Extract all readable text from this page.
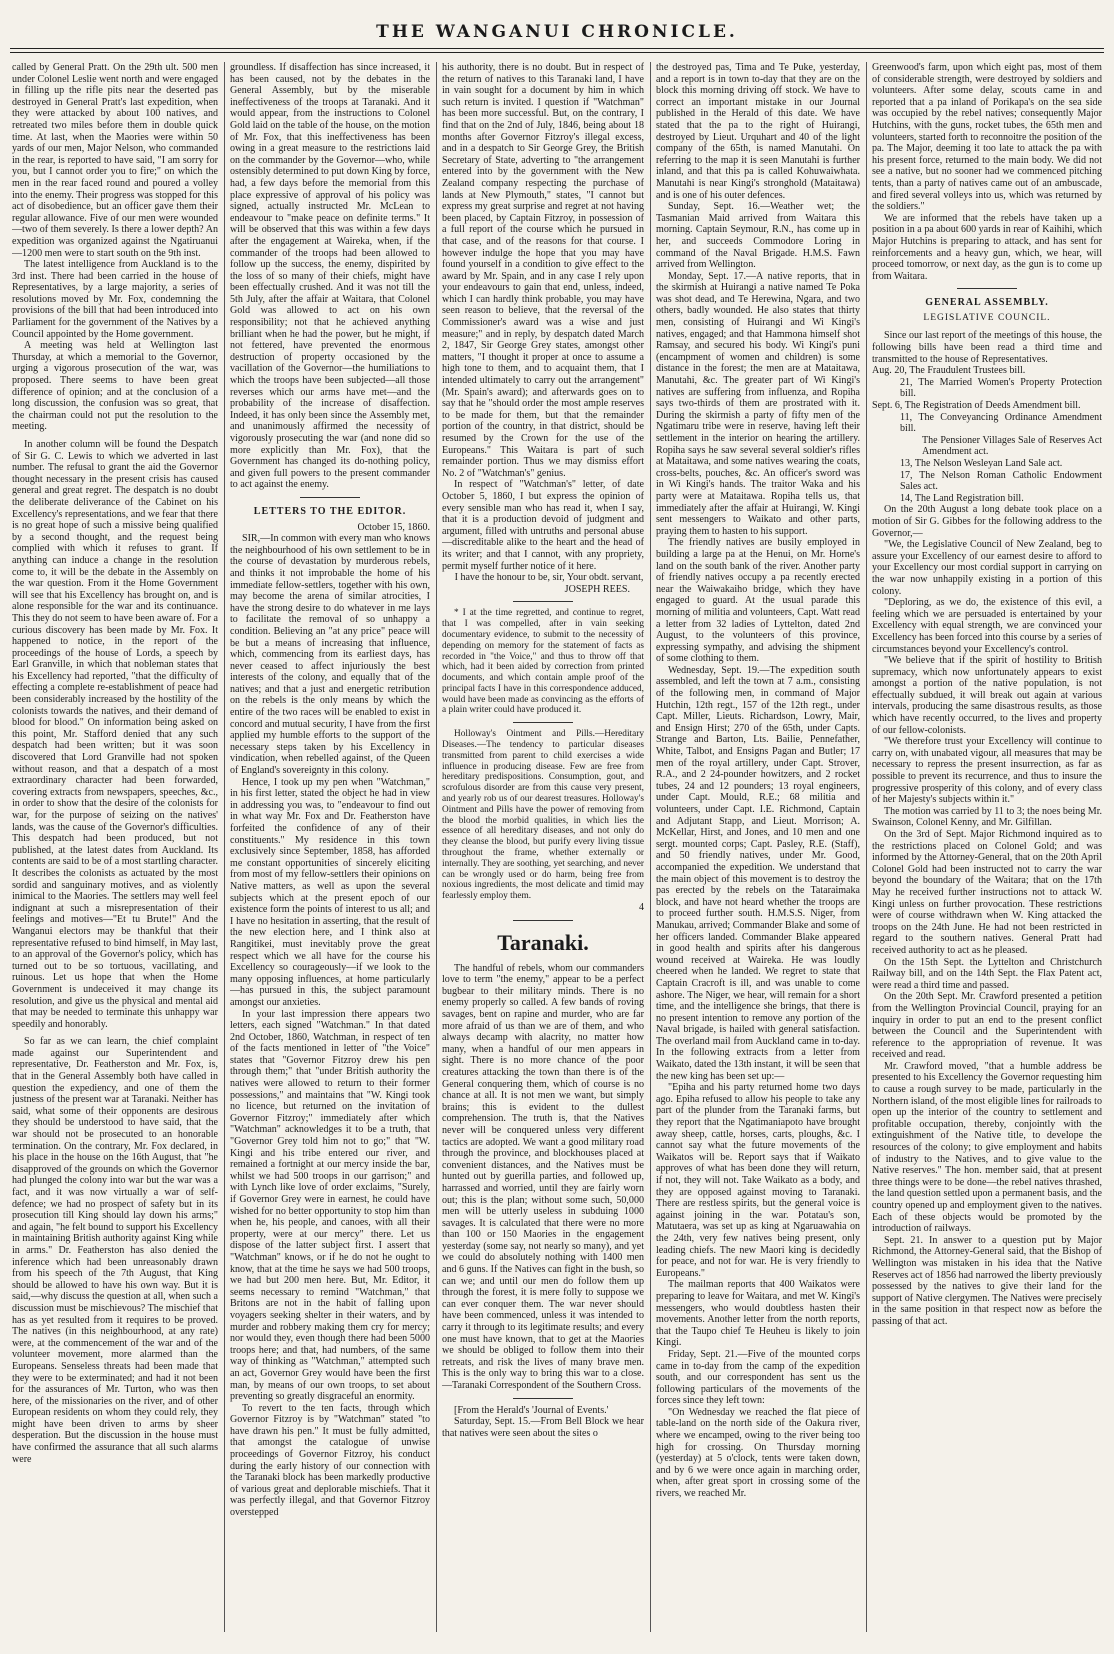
THE WANGANUI CHRONICLE.

called by General Pratt. On the 29th ult. 500 men under Colonel Leslie went north and were engaged in filling up the rifle pits near the deserted pas destroyed in General Pratt's last expedition, when they were attacked by about 100 natives, and retreated two miles before them in double quick time. At last, when the Maories were within 50 yards of our men, Major Nelson, who commanded in the rear, is reported to have said, "I am sorry for you, but I cannot order you to fire;" on which the men in the rear faced round and poured a volley into the enemy. Their progress was stopped for this act of disobedience, but an officer gave them their regular allowance. Five of our men were wounded—two of them severely. Is there a lower depth? An expedition was organized against the Ngatiruanui—1200 men were to start south on the 9th inst.

The latest intelligence from Auckland is to the 3rd inst. There had been carried in the house of Representatives, by a large majority, a series of resolutions moved by Mr. Fox, condemning the provisions of the bill that had been introduced into Parliament for the government of the Natives by a Council appointed by the Home government.

A meeting was held at Wellington last Thursday, at which a memorial to the Governor, urging a vigorous prosecution of the war, was proposed. There seems to have been great difference of opinion; and at the conclusion of a long discussion, the confusion was so great, that the chairman could not put the resolution to the meeting.

In another column will be found the Despatch of Sir G. C. Lewis to which we adverted in last number. The refusal to grant the aid the Governor thought necessary in the present crisis has caused general and great regret. The despatch is no doubt the deliberate deliverance of the Cabinet on his Excellency's representations, and we fear that there is no great hope of such a missive being qualified by a second thought, and the request being complied with which it refuses to grant. If anything can induce a change in the resolution come to, it will be the debate in the Assembly on the war question. From it the Home Government will see that his Excellency has brought on, and is alone responsible for the war and its continuance. This they do not seem to have been aware of. For a curious discovery has been made by Mr. Fox. It happened to notice, in the report of the proceedings of the house of Lords, a speech by Earl Granville, in which that nobleman states that his Excellency had reported, "that the difficulty of effecting a complete re-establishment of peace had been considerably increased by the hostility of the colonists towards the natives, and their demand of blood for blood." On information being asked on this point, Mr. Stafford denied that any such despatch had been written; but it was soon discovered that Lord Granville had not spoken without reason, and that a despatch of a most extraordinary character had been forwarded, covering extracts from newspapers, speeches, &c., in order to show that the desire of the colonists for war, for the purpose of seizing on the natives' lands, was the cause of the Governor's difficulties. This despatch had been produced, but not published, at the latest dates from Auckland. Its contents are said to be of a most startling character. It describes the colonists as actuated by the most sordid and sanguinary motives, and as violently inimical to the Maories. The settlers may well feel indignant at such a misrepresentation of their feelings and motives—"Et tu Brute!" And the Wanganui electors may be thankful that their representative refused to bind himself, in May last, to an approval of the Governor's policy, which has turned out to be so tortuous, vacillating, and ruinous. Let us hope that when the Home Government is undeceived it may change its resolution, and give us the physical and mental aid that may be needed to terminate this unhappy war speedily and honorably.

So far as we can learn, the chief complaint made against our Superintendent and representative, Dr. Featherston and Mr. Fox, is, that in the General Assembly both have called in question the expediency, and one of them the justness of the present war at Taranaki. Neither has said, what some of their opponents are desirous they should be understood to have said, that the war should not be prosecuted to an honorable termination. On the contrary, Mr. Fox declared, in his place in the house on the 16th August, that "he disapproved of the grounds on which the Governor had plunged the colony into war but the war was a fact, and it was now virtually a war of self-defence; we had no prospect of safety but in its prosecution till King should lay down his arms;" and again, "he felt bound to support his Excellency in maintaining British authority against King while in arms." Dr. Featherston has also denied the inference which had been unreasonably drawn from his speech of the 7th August, that King should be allowed to have his own way. But it is said,—why discuss the question at all, when such a discussion must be mischievous? The mischief that has as yet resulted from it requires to be proved. The natives (in this neighbourhood, at any rate) were, at the commencement of the war and of the volunteer movement, more alarmed than the Europeans. Senseless threats had been made that they were to be exterminated; and had it not been for the assurances of Mr. Turton, who was then here, of the missionaries on the river, and of other European residents on whom they could rely, they might have been driven to arms by sheer desperation. But the discussion in the house must have confirmed the assurance that all such alarms were

groundless. If disaffection has since increased, it has been caused, not by the debates in the General Assembly, but by the miserable ineffectiveness of the troops at Taranaki. And it would appear, from the instructions to Colonel Gold laid on the table of the house, on the motion of Mr. Fox, that this ineffectiveness has been owing in a great measure to the restrictions laid on the commander by the Governor—who, while ostensibly determined to put down King by force, had, a few days before the memorial from this place expressive of approval of his policy was signed, actually instructed Mr. McLean to endeavour to "make peace on definite terms." It will be observed that this was within a few days after the engagement at Waireka, when, if the commander of the troops had been allowed to follow up the success, the enemy, dispirited by the loss of so many of their chiefs, might have been effectually crushed. And it was not till the 5th July, after the affair at Waitara, that Colonel Gold was allowed to act on his own responsibility; not that he achieved anything brilliant when he had the power, but he might, if not fettered, have prevented the enormous destruction of property occasioned by the vacillation of the Governor—the humiliations to which the troops have been subjected—all those reverses which our arms have met—and the probability of the increase of disaffection. Indeed, it has only been since the Assembly met, and unanimously affirmed the necessity of vigorously prosecuting the war (and none did so more explicitly than Mr. Fox), that the Government has changed its do-nothing policy, and given full powers to the present commander to act against the enemy.

LETTERS TO THE EDITOR.
October 15, 1860.

SIR,—In common with every man who knows the neighbourhood of his own settlement to be in the course of devastation by murderous rebels, and thinks it not improbable the home of his immediate fellow-settlers, together with his own, may become the arena of similar atrocities, I have the strong desire to do whatever in me lays to facilitate the removal of so unhappy a condition. Believing an "at any price" peace will be but a means of increasing that influence, which, commencing from its earliest days, has never ceased to affect injuriously the best interests of the colony, and equally that of the natives; and that a just and energetic retribution on the rebels is the only means by which the entire of the two races will be enabled to exist in concord and mutual security, I have from the first applied my humble efforts to the support of the necessary steps taken by his Excellency in vindication, when rebelled against, of the Queen of England's sovereignty in this colony.

Hence, I took up my pen when "Watchman," in his first letter, stated the object he had in view in addressing you was, to "endeavour to find out in what way Mr. Fox and Dr. Featherston have forfeited the confidence of any of their constituents." My residence in this town exclusively since September, 1858, has afforded me constant opportunities of sincerely eliciting from most of my fellow-settlers their opinions on Native matters, as well as upon the several subjects which at the present epoch of our existence form the points of interest to us all; and I have no hesitation in asserting, that the result of the new election here, and I think also at Rangitikei, must inevitably prove the great respect which we all have for the course his Excellency so courageously—if we look to the many opposing influences, at home particularly—has pursued in this, the subject paramount amongst our anxieties.

In your last impression there appears two letters, each signed "Watchman." In that dated 2nd October, 1860, Watchman, in respect of ten of the facts mentioned in letter of "the Voice" states that "Governor Fitzroy drew his pen through them;" that "under British authority the natives were allowed to return to their former possessions," and maintains that "W. Kingi took no licence, but returned on the invitation of Governor Fitzroy;" immediately after which "Watchman" acknowledges it to be a truth, that "Governor Grey told him not to go;" that "W. Kingi and his tribe entered our river, and remained a fortnight at our mercy inside the bar, whilst we had 500 troops in our garrison;" and with Lynch like love of order exclaims, "Surely, if Governor Grey were in earnest, he could have wished for no better opportunity to stop him than when he, his people, and canoes, with all their property, were at our mercy" there. Let us dispose of the latter subject first. I assert that "Watchman" knows, or if he do not he ought to know, that at the time he says we had 500 troops, we had but 200 men here. But, Mr. Editor, it seems necessary to remind "Watchman," that Britons are not in the habit of falling upon voyagers seeking shelter in their waters, and by murder and robbery making them cry for mercy; nor would they, even though there had been 5000 troops here; and that, had numbers, of the same way of thinking as "Watchman," attempted such an act, Governor Grey would have been the first man, by means of our own troops, to set about preventing so greatly disgraceful an enormity.

To revert to the ten facts, through which Governor Fitzroy is by "Watchman" stated "to have drawn his pen." It must be fully admitted, that amongst the catalogue of unwise proceedings of Governor Fitzroy, his conduct during the early history of our connection with the Taranaki block has been markedly productive of various great and deplorable mischiefs. That it was perfectly illegal, and that Governor Fitzroy overstepped

his authority, there is no doubt. But in respect of the return of natives to this Taranaki land, I have in vain sought for a document by him in which such return is invited. I question if "Watchman" has been more successful. But, on the contrary, I find that on the 2nd of July, 1846, being about 18 months after Governor Fitzroy's illegal excess, and in a despatch to Sir George Grey, the British Secretary of State, adverting to "the arrangement entered into by the government with the New Zealand company respecting the purchase of lands at New Plymouth," states, "I cannot but express my great surprise and regret at not having been placed, by Captain Fitzroy, in possession of a full report of the course which he pursued in that case, and of the reasons for that course. I however indulge the hope that you may have found yourself in a condition to give effect to the award by Mr. Spain, and in any case I rely upon your endeavours to gain that end, unless, indeed, which I can hardly think probable, you may have seen reason to believe, that the reversal of the Commissioner's award was a wise and just measure;" and in reply, by despatch dated March 2, 1847, Sir George Grey states, amongst other matters, "I thought it proper at once to assume a high tone to them, and to acquaint them, that I intended ultimately to carry out the arrangement" (Mr. Spain's award); and afterwards goes on to say that he "should order the most ample reserves to be made for them, but that the remainder portion of the country, in that district, should be resumed by the Crown for the use of the Europeans." This Waitara is part of such remainder portion. Thus we may dismiss effort No. 2 of "Watchman's" genius.

In respect of "Watchman's" letter, of date October 5, 1860, I but express the opinion of every sensible man who has read it, when I say, that it is a production devoid of judgment and argument, filled with untruths and personal abuse—discreditable alike to the heart and the head of its writer; and that I cannot, with any propriety, permit myself further notice of it here.

I have the honour to be, sir, Your obdt. servant,

JOSEPH REES.

* I at the time regretted, and continue to regret, that I was compelled, after in vain seeking documentary evidence, to submit to the necessity of depending on memory for the statement of facts as recorded in "the Voice," and thus to throw off that which, had it been aided by correction from printed documents, and which contain ample proof of the principal facts I have in this correspondence adduced, would have been made as convincing as the efforts of a plain writer could have produced it.

Holloway's Ointment and Pills.—Hereditary Diseases.—The tendency to particular diseases transmitted from parent to child exercises a wide influence in producing disease. Few are free from hereditary predispositions. Consumption, gout, and scrofulous disorder are from this cause very present, and yearly rob us of our dearest treasures. Holloway's Ointment and Pills have the power of removing from the blood the morbid qualities, in which lies the essence of all hereditary diseases, and not only do they cleanse the blood, but purify every living tissue throughout the frame, whether externally or internally. They are soothing, yet searching, and never can be wrongly used or do harm, being free from noxious ingredients, the most delicate and timid may fearlessly employ them.

4
Taranaki.

The handful of rebels, whom our commanders love to term "the enemy," appear to be a perfect bugbear to their military minds. There is no enemy properly so called. A few bands of roving savages, bent on rapine and murder, who are far more afraid of us than we are of them, and who always decamp with alacrity, no matter how many, when a handful of our men appears in sight. There is no more chance of the poor creatures attacking the town than there is of the General conquering them, which of course is no chance at all. It is not men we want, but simply brains; this is evident to the dullest comprehension. The truth is, that the Natives never will be conquered unless very different tactics are adopted. We want a good military road through the province, and blockhouses placed at convenient distances, and the Natives must be hunted out by guerilla parties, and followed up, harrassed and worried, until they are fairly worn out; this is the plan; without some such, 50,000 men will be utterly useless in subduing 1000 savages. It is calculated that there were no more than 100 or 150 Maories in the engagement yesterday (some say, not nearly so many), and yet we could do absolutely nothing with 1400 men and 6 guns. If the Natives can fight in the bush, so can we; and until our men do follow them up through the forest, it is mere folly to suppose we can ever conquer them. The war never should have been commenced, unless it was intended to carry it through to its legitimate results; and every one must have known, that to get at the Maories we should be obliged to follow them into their retreats, and risk the lives of many brave men. This is the only way to bring this war to a close.—Taranaki Correspondent of the Southern Cross.

[From the Herald's 'Journal of Events.'

Saturday, Sept. 15.—From Bell Block we hear that natives were seen about the sites o

the destroyed pas, Tima and Te Puke, yesterday, and a report is in town to-day that they are on the block this morning driving off stock. We have to correct an important mistake in our Journal published in the Herald of this date. We have stated that the pa to the right of Huirangi, destroyed by Lieut. Urquhart and 40 of the light company of the 65th, is named Manutahi. On referring to the map it is seen Manutahi is further inland, and that this pa is called Kohuwaiwhata. Manutahi is near Kingi's stronghold (Mataitawa) and is one of his outer defences.

Sunday, Sept. 16.—Weather wet; the Tasmanian Maid arrived from Waitara this morning. Captain Seymour, R.N., has come up in her, and succeeds Commodore Loring in command of the Naval Brigade. H.M.S. Fawn arrived from Wellington.

Monday, Sept. 17.—A native reports, that in the skirmish at Huirangi a native named Te Poka was shot dead, and Te Herewina, Ngara, and two others, badly wounded. He also states that thirty men, consisting of Huirangi and Wi Kingi's natives, engaged; and that Hammona himself shot Ramsay, and secured his body. Wi Kingi's puni (encampment of women and children) is some distance in the forest; the men are at Mataitawa, Manutahi, &c. The greater part of Wi Kingi's natives are suffering from influenza, and Ropiha says two-thirds of them are prostrated with it. During the skirmish a party of fifty men of the Ngatimaru tribe were in reserve, having left their settlement in the interior on hearing the artillery. Ropiha says he saw several several soldier's rifles at Mataitawa, and some natives wearing the coats, cross-belts, pouches, &c. An officer's sword was in Wi Kingi's hands. The traitor Waka and his party were at Mataitawa. Ropiha tells us, that immediately after the affair at Huirangi, W. Kingi sent messengers to Waikato and other parts, praying them to hasten to his support.

The friendly natives are busily employed in building a large pa at the Henui, on Mr. Horne's land on the south bank of the river. Another party of friendly natives occupy a pa recently erected near the Waiwakaiho bridge, which they have engaged to guard. At the usual parade this morning of militia and volunteers, Capt. Watt read a letter from 32 ladies of Lyttelton, dated 2nd August, to the volunteers of this province, expressing sympathy, and advising the shipment of some clothing to them.

Wednesday, Sept. 19.—The expedition south assembled, and left the town at 7 a.m., consisting of the following men, in command of Major Hutchin, 12th regt., 157 of the 12th regt., under Capt. Miller, Lieuts. Richardson, Lowry, Mair, and Ensign Hirst; 270 of the 65th, under Capts. Strange and Barton, Lts. Bailie, Pennefather, White, Talbot, and Ensigns Pagan and Butler; 17 men of the royal artillery, under Capt. Strover, R.A., and 2 24-pounder howitzers, and 2 rocket tubes, 24 and 12 pounders; 13 royal engineers, under Capt. Mould, R.E.; 68 militia and volunteers, under Capt. I.E. Richmond, Captain and Adjutant Stapp, and Lieut. Morrison; A. McKellar, Hirst, and Jones, and 10 men and one sergt. mounted corps; Capt. Pasley, R.E. (Staff), and 50 friendly natives, under Mr. Good, accompanied the expedition. We understand that the main object of this movement is to destroy the pas erected by the rebels on the Tataraimaka block, and have not heard whether the troops are to proceed further south. H.M.S.S. Niger, from Manukau, arrived; Commander Blake and some of her officers landed. Commander Blake appeared in good health and spirits after his dangerous wound received at Waireka. He was loudly cheered when he landed. We regret to state that Captain Cracroft is ill, and was unable to come ashore. The Niger, we hear, will remain for a short time, and the intelligence she brings, that there is no present intention to remove any portion of the Naval brigade, is hailed with general satisfaction. The overland mail from Auckland came in to-day. In the following extracts from a letter from Waikato, dated the 13th instant, it will be seen that the new king has been set up:—

"Epiha and his party returned home two days ago. Epiha refused to allow his people to take any part of the plunder from the Taranaki farms, but they report that the Ngatimaniapoto have brought away sheep, cattle, horses, carts, ploughs, &c. I cannot say what the future movements of the Waikatos will be. Report says that if Waikato approves of what has been done they will return, if not, they will not. Take Waikato as a body, and they are opposed against moving to Taranaki. There are restless spirits, but the general voice is against joining in the war. Potatau's son, Matutaera, was set up as king at Ngaruawahia on the 24th, very few natives being present, only leading chiefs. The new Maori king is decidedly for peace, and not for war. He is very friendly to Europeans."

The mailman reports that 400 Waikatos were preparing to leave for Waitara, and met W. Kingi's messengers, who would doubtless hasten their movements. Another letter from the north reports, that the Taupo chief Te Heuheu is likely to join Kingi.

Friday, Sept. 21.—Five of the mounted corps came in to-day from the camp of the expedition south, and our correspondent has sent us the following particulars of the movements of the forces since they left town:

"On Wednesday we reached the flat piece of table-land on the north side of the Oakura river, where we encamped, owing to the river being too high for crossing. On Thursday morning (yesterday) at 5 o'clock, tents were taken down, and by 6 we were once again in marching order, when, after great sport in crossing some of the rivers, we reached Mr.

Greenwood's farm, upon which eight pas, most of them of considerable strength, were destroyed by soldiers and volunteers. After some delay, scouts came in and reported that a pa inland of Porikapa's on the sea side was occupied by the rebel natives; consequently Major Hutchins, with the guns, rocket tubes, the 65th men and volunteers, started forth to reconnoitre the position of the pa. The Major, deeming it too late to attack the pa with his present force, returned to the main body. We did not see a native, but no sooner had we commenced pitching tents, than a party of natives came out of an ambuscade, and fired several volleys into us, which was returned by the soldiers."

We are informed that the rebels have taken up a position in a pa about 600 yards in rear of Kaihihi, which Major Hutchins is preparing to attack, and has sent for reinforcements and a heavy gun, which, we hear, will proceed tomorrow, or next day, as the gun is to come up from Waitara.

GENERAL ASSEMBLY.
LEGISLATIVE COUNCIL.

Since our last report of the meetings of this house, the following bills have been read a third time and transmitted to the house of Representatives.

Aug. 20, The Fraudulent Trustees bill.

21, The Married Women's Property Protection bill.

Sept. 6, The Registration of Deeds Amendment bill.

11, The Conveyancing Ordinance Amendment bill.

The Pensioner Villages Sale of Reserves Act Amendment act.

13, The Nelson Wesleyan Land Sale act.

17, The Nelson Roman Catholic Endowment Sales act.

14, The Land Registration bill.

On the 20th August a long debate took place on a motion of Sir G. Gibbes for the following address to the Governor,—

"We, the Legislative Council of New Zealand, beg to assure your Excellency of our earnest desire to afford to your Excellency our most cordial support in carrying on the war now unhappily existing in a portion of this colony.

"Deploring, as we do, the existence of this evil, a feeling which we are persuaded is entertained by your Excellency with equal strength, we are convinced your Excellency has been forced into this course by a series of circumstances beyond your Excellency's control.

"We believe that if the spirit of hostility to British supremacy, which now unfortunately appears to exist amongst a portion of the native population, is not effectually subdued, it will break out again at various intervals, producing the same disastrous results, as those which have recently occurred, to the lives and property of our fellow-colonists.

"We therefore trust your Excellency will continue to carry on, with unabated vigour, all measures that may be necessary to repress the present insurrection, as far as possible to prevent its recurrence, and thus to insure the progressive prosperity of this colony, and of every class of her Majesty's subjects within it."

The motion was carried by 11 to 3; the noes being Mr. Swainson, Colonel Kenny, and Mr. Gilfillan.

On the 3rd of Sept. Major Richmond inquired as to the restrictions placed on Colonel Gold; and was informed by the Attorney-General, that on the 20th April Colonel Gold had been instructed not to carry the war beyond the boundary of the Waitara; that on the 17th May he received further instructions not to attack W. Kingi unless on further provocation. These restrictions were of course withdrawn when W. King attacked the troops on the 24th June. He had not been restricted in regard to the southern natives. General Pratt had received authority to act as he pleased.

On the 15th Sept. the Lyttelton and Christchurch Railway bill, and on the 14th Sept. the Flax Patent act, were read a third time and passed.

On the 20th Sept. Mr. Crawford presented a petition from the Wellington Provincial Council, praying for an inquiry in order to put an end to the present conflict between the Council and the Superintendent with reference to the appropriation of revenue. It was received and read.

Mr. Crawford moved, "that a humble address be presented to his Excellency the Governor requesting him to cause a rough survey to be made, particularly in the Northern island, of the most eligible lines for railroads to open up the interior of the country to settlement and profitable occupation, thereby, conjointly with the extinguishment of the Native title, to develope the resources of the colony; to give employment and habits of industry to the Natives, and to give value to the Native reserves." The hon. member said, that at present three things were to be done—the rebel natives thrashed, the land question settled upon a permanent basis, and the country opened up and employment given to the natives. Each of these objects would be promoted by the introduction of railways.

Sept. 21. In answer to a question put by Major Richmond, the Attorney-General said, that the Bishop of Wellington was mistaken in his idea that the Native Reserves act of 1856 had narrowed the liberty previously possessed by the natives to give their land for the support of Native clergymen. The Natives were precisely in the same position in that respect now as before the passing of that act.
